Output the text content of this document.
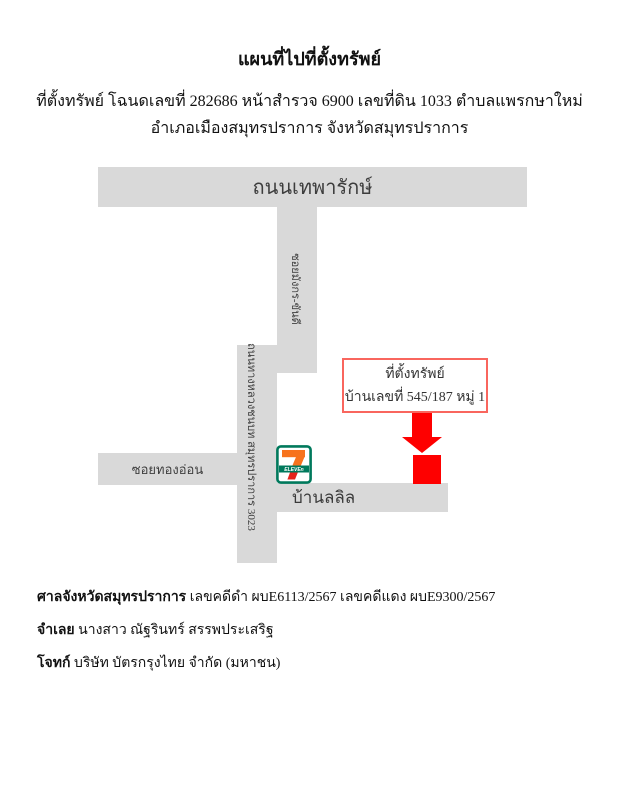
แผนที่ไปที่ตั้งทรัพย์
ที่ตั้งทรัพย์ โฉนดเลขที่ 282686 หน้าสำรวจ 6900 เลขที่ดิน 1033 ตำบลแพรกษาใหม่
อำเภอเมืองสมุทรปราการ จังหวัดสมุทรปราการ
ถนนเทพารักษ์
ซอยมังกร-ขันดี
ถนนทางหลวงชนบท สมุทรปราการ 3023
ซอยทองอ่อน
บ้านลลิล
ที่ตั้งทรัพย์
บ้านเลขที่ 545/187 หมู่ 1
ELEVEn
ศาลจังหวัดสมุทรปราการ เลขคดีดำ ผบE6113/2567 เลขคดีแดง ผบE9300/2567
จำเลย นางสาว ณัฐรินทร์ สรรพประเสริฐ
โจทก์ บริษัท บัตรกรุงไทย จำกัด (มหาชน)
